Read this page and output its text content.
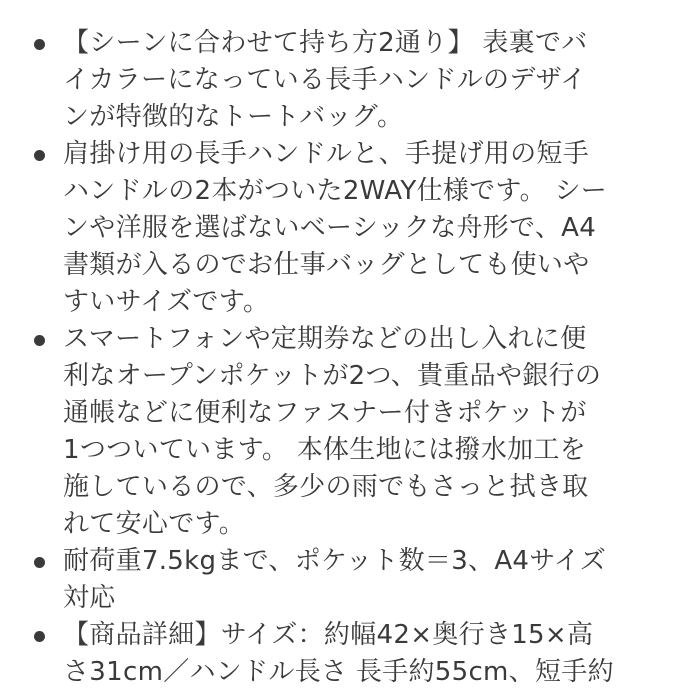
【シーンに合わせて持ち方2通り】 表裏でバ
イカラーになっている長手ハンドルのデザイ
ンが特徴的なトートバッグ。
肩掛け用の長手ハンドルと、手提げ用の短手
ハンドルの2本がついた2WAY仕様です。 シー
ンや洋服を選ばないベーシックな舟形で、A4
書類が入るのでお仕事バッグとしても使いや
すいサイズです。
スマートフォンや定期券などの出し入れに便
利なオープンポケットが2つ、貴重品や銀行の
通帳などに便利なファスナー付きポケットが
1つついています。 本体生地には撥水加工を
施しているので、多少の雨でもさっと拭き取
れて安心です。
耐荷重7.5kgまで、ポケット数＝3、A4サイズ
対応
【商品詳細】サイズ：約幅42×奥行き15×高
さ31cm／ハンドル長さ 長手約55cm、短手約
